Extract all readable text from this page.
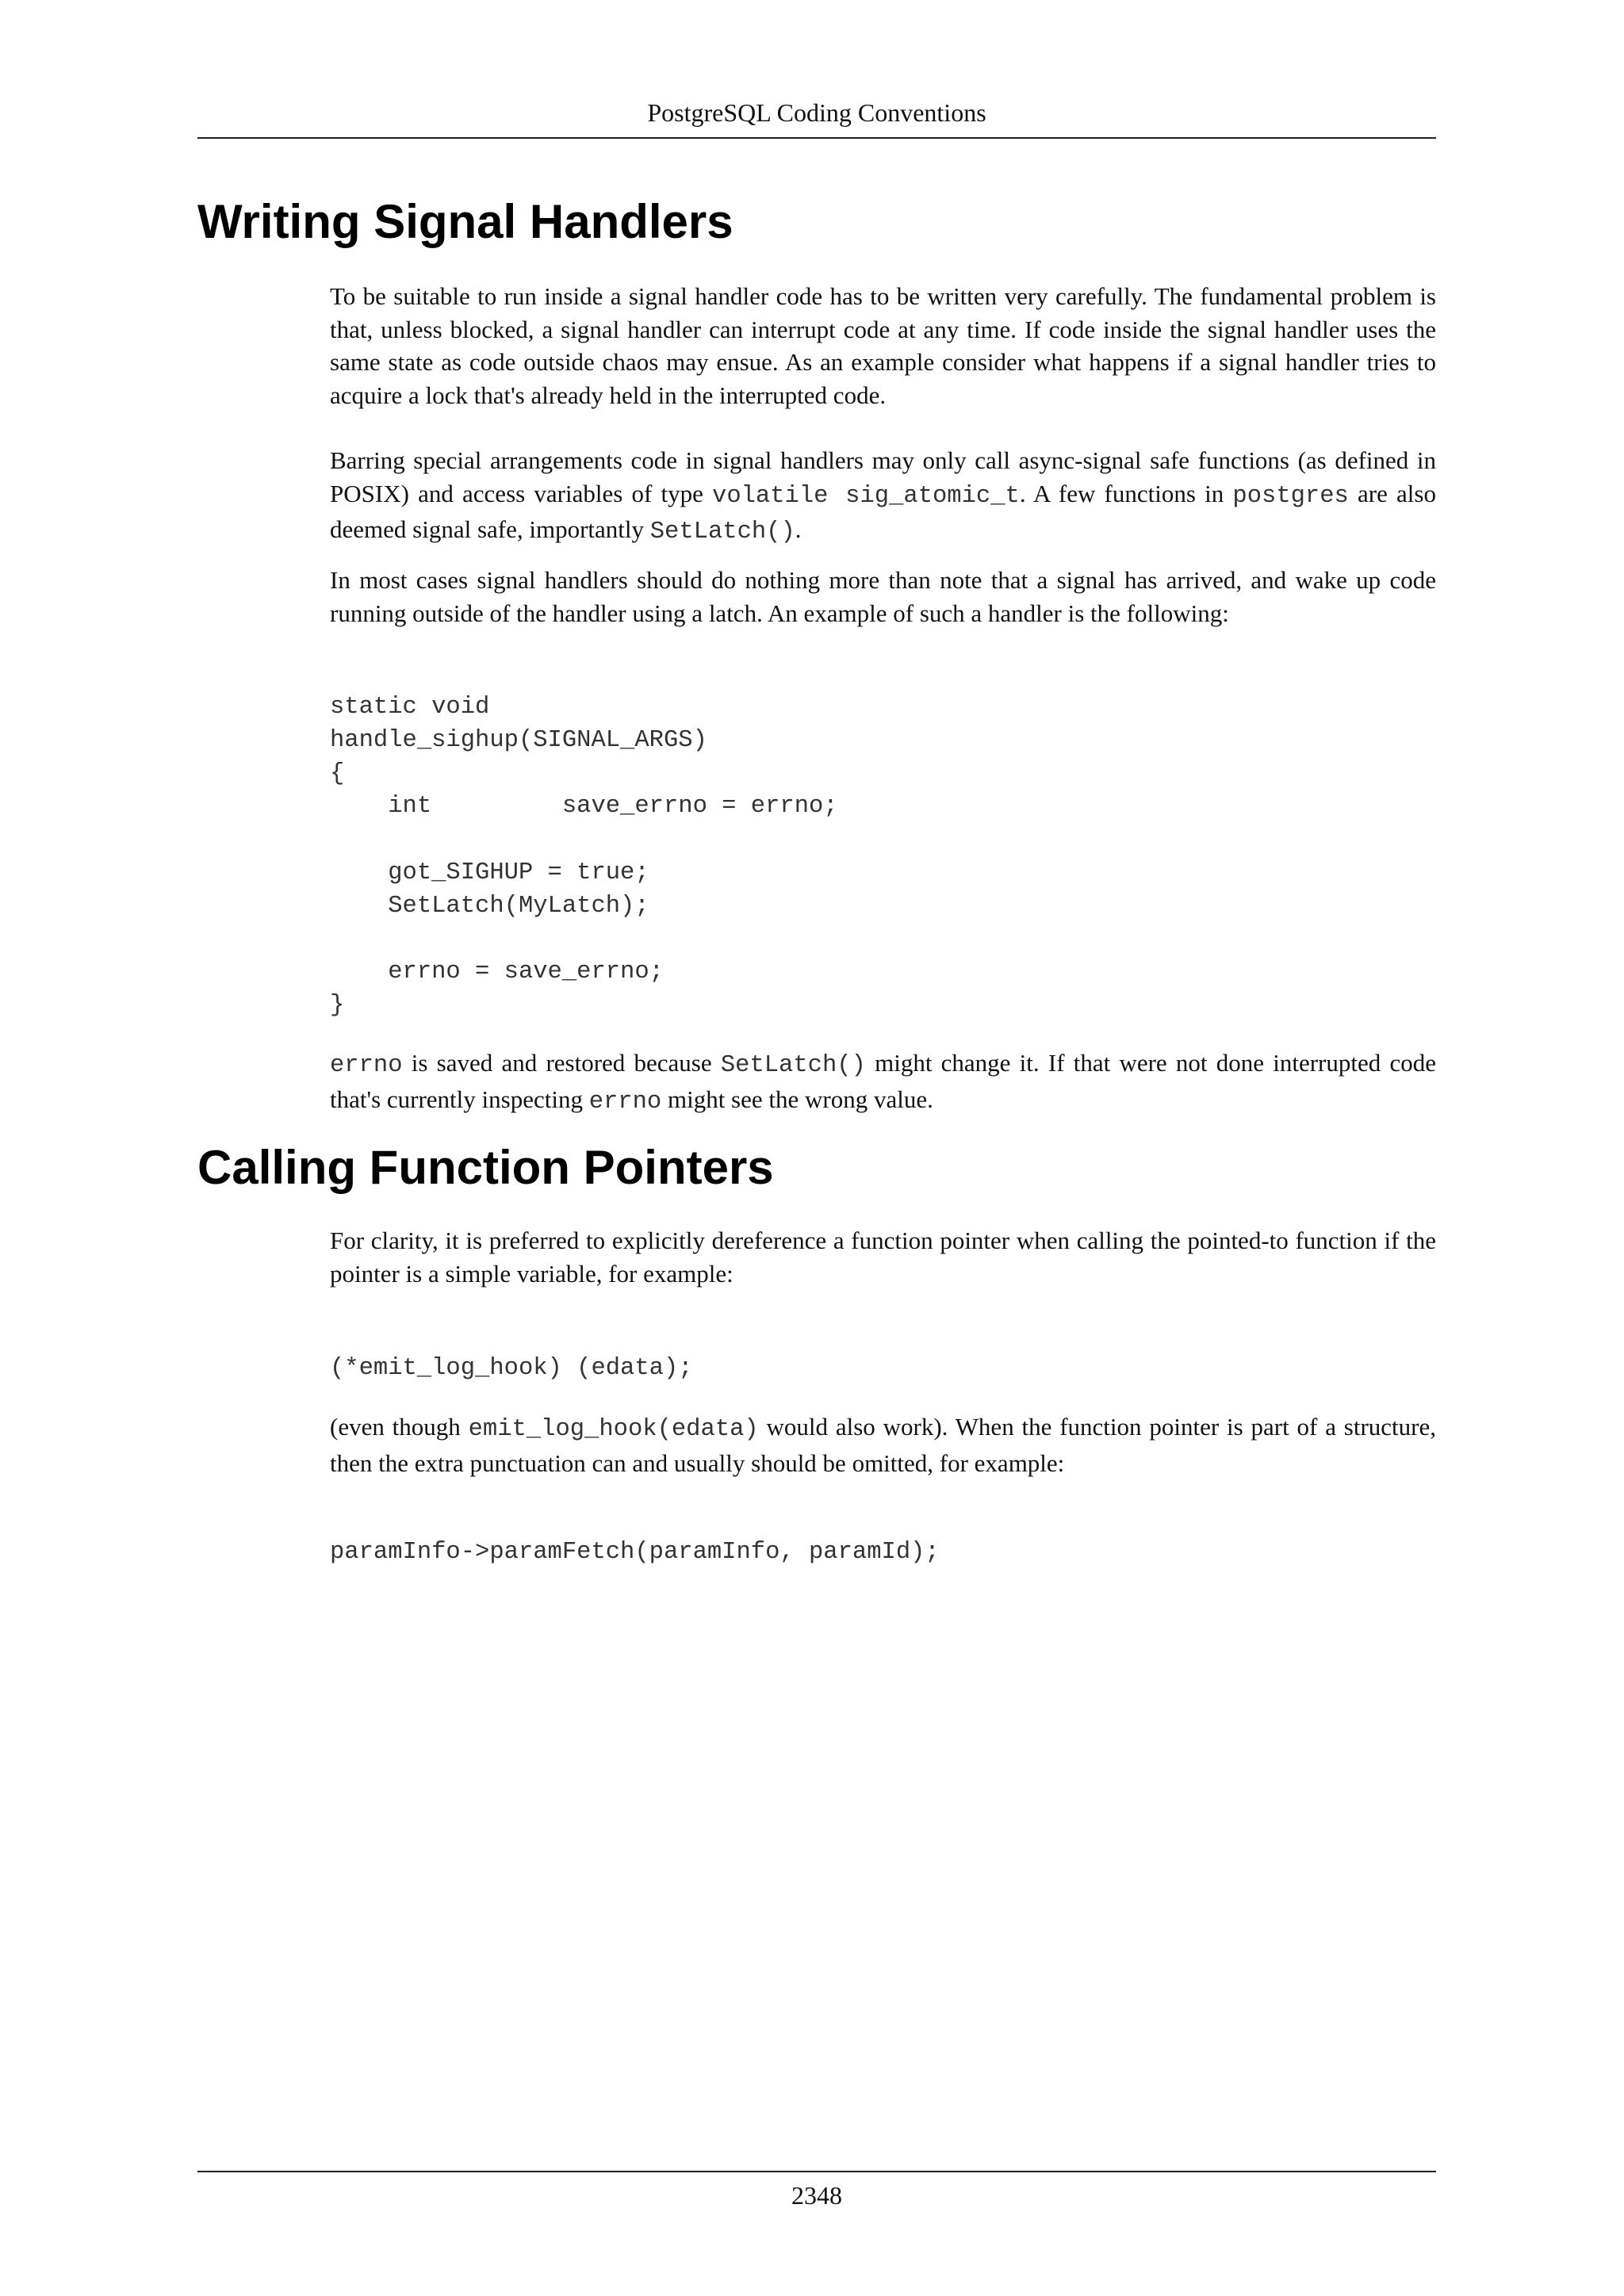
PostgreSQL Coding Conventions
Writing Signal Handlers

To be suitable to run inside a signal handler code has to be written very carefully. The fundamental problem is that, unless blocked, a signal handler can interrupt code at any time. If code inside the signal handler uses the same state as code outside chaos may ensue. As an example consider what happens if a signal handler tries to acquire a lock that's already held in the interrupted code.

Barring special arrangements code in signal handlers may only call async-signal safe functions (as defined in POSIX) and access variables of type volatile sig_atomic_t. A few functions in postgres are also deemed signal safe, importantly SetLatch().

In most cases signal handlers should do nothing more than note that a signal has arrived, and wake up code running outside of the handler using a latch. An example of such a handler is the following:

static void
handle_sighup(SIGNAL_ARGS)
{
int         save_errno = errno;

got_SIGHUP = true;
SetLatch(MyLatch);

errno = save_errno;
}

errno is saved and restored because SetLatch() might change it. If that were not done interrupted code that's currently inspecting errno might see the wrong value.

Calling Function Pointers

For clarity, it is preferred to explicitly dereference a function pointer when calling the pointed-to function if the pointer is a simple variable, for example:

(*emit_log_hook) (edata);

(even though emit_log_hook(edata) would also work). When the function pointer is part of a structure, then the extra punctuation can and usually should be omitted, for example:

paramInfo->paramFetch(paramInfo, paramId);
2348
